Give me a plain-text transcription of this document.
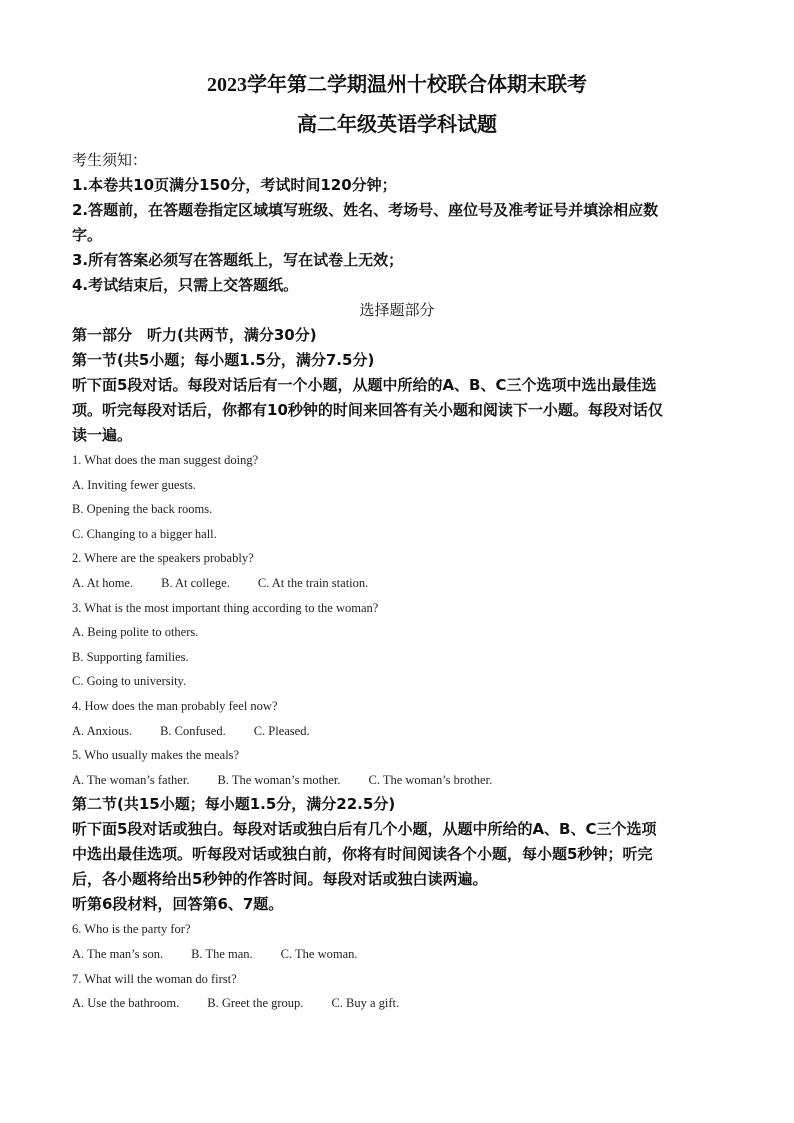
2023学年第二学期温州十校联合体期末联考

高二年级英语学科试题

考生须知：

1.本卷共10页满分150分，考试时间120分钟；

2.答题前，在答题卷指定区域填写班级、姓名、考场号、座位号及准考证号并填涂相应数

字。

3.所有答案必须写在答题纸上，写在试卷上无效；

4.考试结束后，只需上交答题纸。

选择题部分

第一部分　听力(共两节，满分30分)

第一节(共5小题；每小题1.5分，满分7.5分)

听下面5段对话。每段对话后有一个小题，从题中所给的A、B、C三个选项中选出最佳选

项。听完每段对话后，你都有10秒钟的时间来回答有关小题和阅读下一小题。每段对话仅

读一遍。

1. What does the man suggest doing?

A. Inviting fewer guests.

B. Opening the back rooms.

C. Changing to a bigger hall.

2. Where are the speakers probably?

A. At home. B. At college. C. At the train station.

3. What is the most important thing according to the woman?

A. Being polite to others.

B. Supporting families.

C. Going to university.

4. How does the man probably feel now?

A. Anxious. B. Confused. C. Pleased.

5. Who usually makes the meals?

A. The woman’s father. B. The woman’s mother. C. The woman’s brother.

第二节(共15小题；每小题1.5分，满分22.5分)

听下面5段对话或独白。每段对话或独白后有几个小题，从题中所给的A、B、C三个选项

中选出最佳选项。听每段对话或独白前，你将有时间阅读各个小题，每小题5秒钟；听完

后，各小题将给出5秒钟的作答时间。每段对话或独白读两遍。

听第6段材料，回答第6、7题。

6. Who is the party for?

A. The man’s son. B. The man. C. The woman.

7. What will the woman do first?

A. Use the bathroom. B. Greet the group. C. Buy a gift.
